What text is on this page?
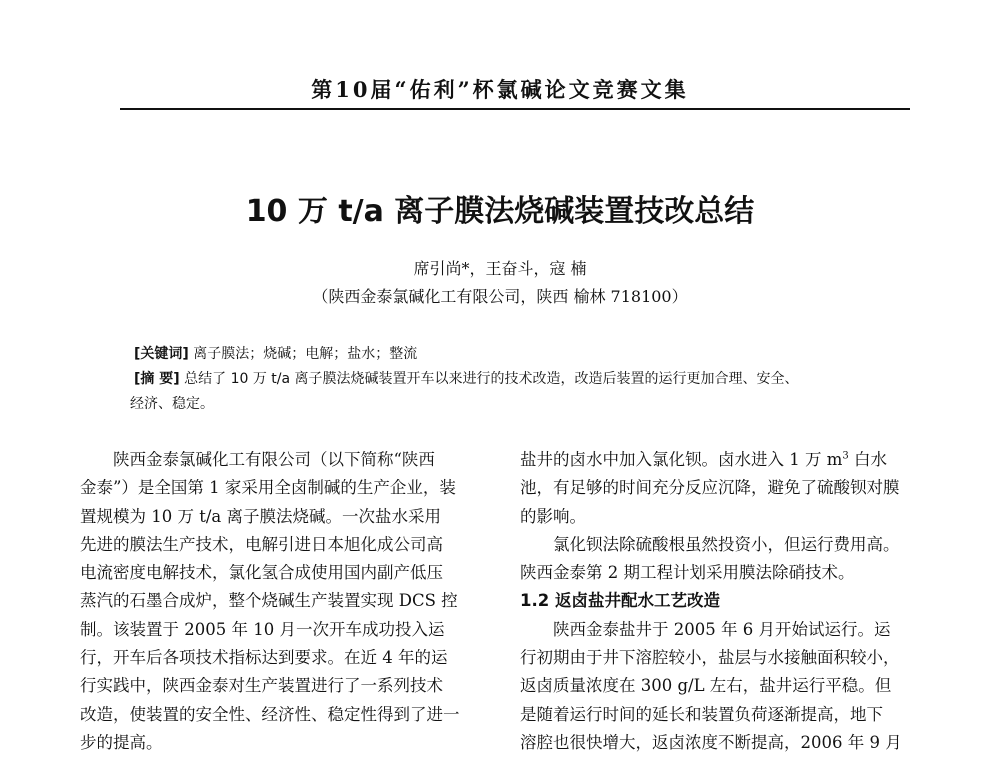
第10届“佑利”杯氯碱论文竞赛文集
10 万 t/a 离子膜法烧碱装置技改总结
席引尚*，王奋斗，寇 楠
（陕西金泰氯碱化工有限公司，陕西 榆林 718100）
[关键词] 离子膜法；烧碱；电解；盐水；整流
[摘 要] 总结了 10 万 t/a 离子膜法烧碱装置开车以来进行的技术改造，改造后装置的运行更加合理、安全、
经济、稳定。
陕西金泰氯碱化工有限公司（以下简称“陕西
金泰”）是全国第 1 家采用全卤制碱的生产企业，装
置规模为 10 万 t/a 离子膜法烧碱。一次盐水采用
先进的膜法生产技术，电解引进日本旭化成公司高
电流密度电解技术，氯化氢合成使用国内副产低压
蒸汽的石墨合成炉，整个烧碱生产装置实现 DCS 控
制。该装置于 2005 年 10 月一次开车成功投入运
行，开车后各项技术指标达到要求。在近 4 年的运
行实践中，陕西金泰对生产装置进行了一系列技术
改造，使装置的安全性、经济性、稳定性得到了进一
步的提高。
盐井的卤水中加入氯化钡。卤水进入 1 万 $m^3$ 白水
池，有足够的时间充分反应沉降，避免了硫酸钡对膜
的影响。
氯化钡法除硫酸根虽然投资小，但运行费用高。
陕西金泰第 2 期工程计划采用膜法除硝技术。
1.2 返卤盐井配水工艺改造
陕西金泰盐井于 2005 年 6 月开始试运行。运
行初期由于井下溶腔较小，盐层与水接触面积较小，
返卤质量浓度在 300 g/L 左右，盐井运行平稳。但
是随着运行时间的延长和装置负荷逐渐提高，地下
溶腔也很快增大，返卤浓度不断提高，2006 年 9 月
